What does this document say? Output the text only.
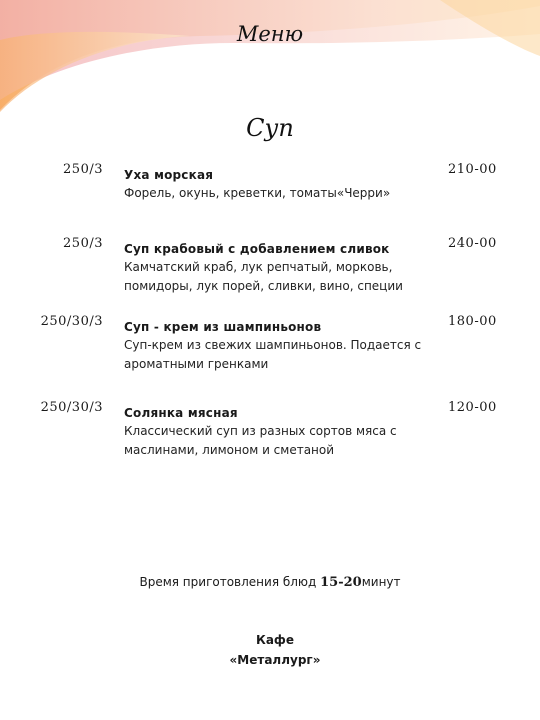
Меню
Суп
250/3 Уха морская
Форель, окунь, креветки, томаты«Черри»
210-00
250/3 Суп крабовый с добавлением сливок
Камчатский краб, лук репчатый, морковь, помидоры, лук порей, сливки, вино, специи
240-00
250/30/3 Суп - крем из шампиньонов
Суп-крем из свежих шампиньонов. Подается с ароматными гренками
180-00
250/30/3 Солянка мясная
Классический суп из разных сортов мяса с маслинами, лимоном и сметаной
120-00
Время приготовления блюд 15-20минут
Кафе
«Металлург»
